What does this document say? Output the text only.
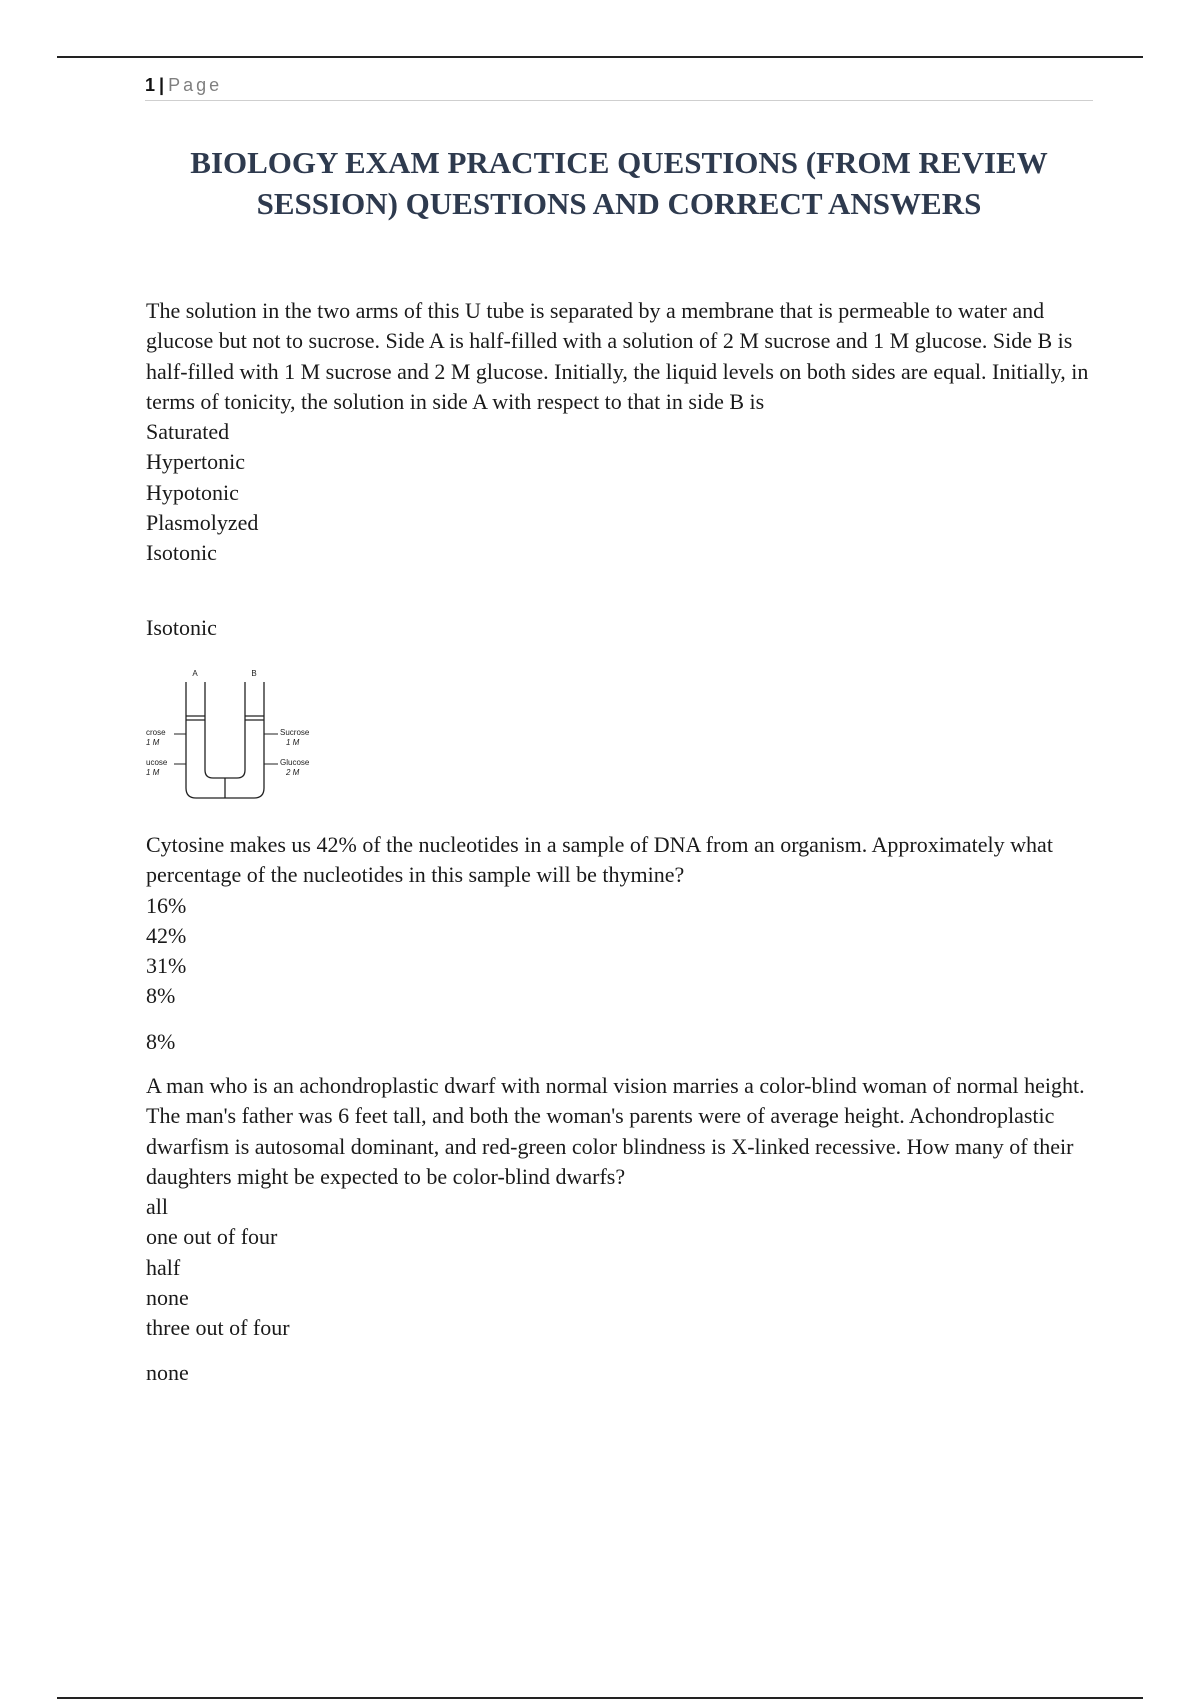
1 | Page
BIOLOGY EXAM PRACTICE QUESTIONS (FROM REVIEW
SESSION) QUESTIONS AND CORRECT ANSWERS

The solution in the two arms of this U tube is separated by a membrane that is permeable to water and glucose but not to sucrose. Side A is half-filled with a solution of 2 M sucrose and 1 M glucose. Side B is half-filled with 1 M sucrose and 2 M glucose. Initially, the liquid levels on both sides are equal. Initially, in terms of tonicity, the solution in side A with respect to that in side B is

Saturated
Hypertonic
Hypotonic
Plasmolyzed
Isotonic
Isotonic
A	B
crose
1 M
ucose
1 M
Sucrose
1 M
Glucose
2 M

Cytosine makes us 42% of the nucleotides in a sample of DNA from an organism. Approximately what percentage of the nucleotides in this sample will be thymine?

16%
42%
31%
8%
8%

A man who is an achondroplastic dwarf with normal vision marries a color-blind woman of normal height. The man's father was 6 feet tall, and both the woman's parents were of average height. Achondroplastic dwarfism is autosomal dominant, and red-green color blindness is X-linked recessive. How many of their daughters might be expected to be color-blind dwarfs?

all
one out of four
half
none
three out of four
none
